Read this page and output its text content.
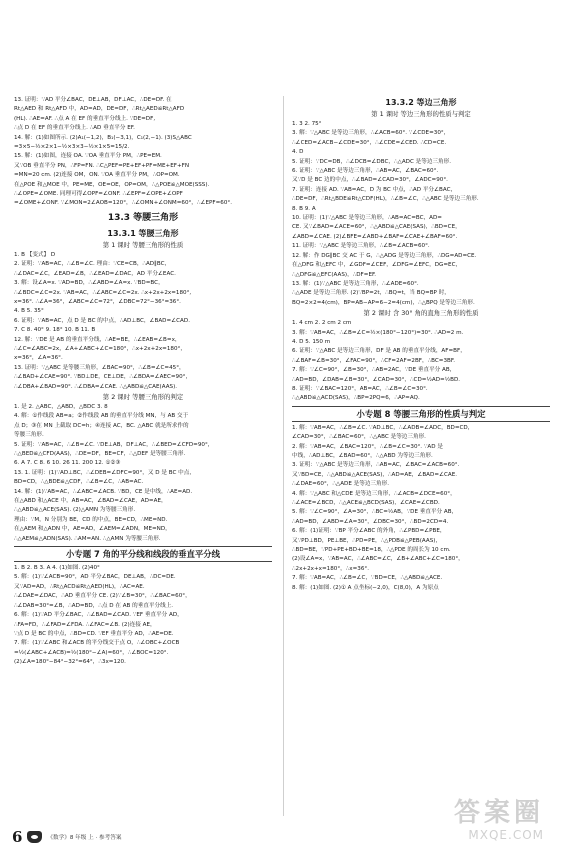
13. 证明：∵AD 平分∠BAC，DE⊥AB，DF⊥AC，∴DE=DF. 在
Rt△AED 和 Rt△AFD 中，AD=AD，DE=DF，∴Rt△AED≌Rt△AFD
(HL). ∴AE=AF. ∴点 A 在 EF 的垂直平分线上. ∵DE=DF,
∴点 D 在 EF 的垂直平分线上. ∴AD 垂直平分 EF.
14. 解：(1)如图所示. (2)A₁(−1,2)，B₁(−3,1)，C₁(2,−1). (3)S△ABC
=3×5−½×2×1−½×3×3−½×1×5=15/2.
15. 解：(1)如图，连接 OA. ∵OA 垂直平分 PM，∴PE=EM.
又∵OB 垂直平分 PN，∴FP=FN. ∴C△PEF=PE+EF+PF=ME+EF+FN
=MN=20 cm. (2)连接 OM，ON. ∵OA 垂直平分 PM，∴OP=OM.
在△POE 和△MOE 中，PE=ME，OE=OE，OP=OM，∴△POE≌△MOE(SSS).
∴∠OPE=∠OME. 同理可得∠OPF=∠ONF. ∴∠EPF=∠OPE+∠OPF
=∠OME+∠ONF. ∵∠MON=2∠AOB=120°，∴∠OMN+∠ONM=60°，∴∠EPF=60°.
13.3 等腰三角形
13.3.1 等腰三角形
第 1 课时 等腰三角形的性质
1. B 【变式】 D
2. 证明：∵AB=AC，∴∠B=∠C. 理由：∵CE=CB，∴AD∥BC，
∴∠DAC=∠C，∠EAD=∠B，∴∠EAD=∠DAC，AD 平分∠EAC.
3. 解：设∠A=x. ∵AD=BD，∴∠ABD=∠A=x. ∵BD=BC，
∴∠BDC=∠C=2x. ∵AB=AC，∴∠ABC=∠C=2x. ∴x+2x+2x=180°,
x=36°. ∴∠A=36°，∠ABC=∠C=72°，∠DBC=72°−36°=36°.
4. B 5. 35°
6. 证明：∵AB=AC，点 D 是 BC 的中点，∴AD⊥BC，∠BAD=∠CAD.
7. C 8. 40° 9. 18° 10. B 11. B
12. 解：∵DE 是 AB 的垂直平分线，∴AE=BE，∴∠EAB=∠B=x，
∴∠C=∠ABC=2x，∠A+∠ABC+∠C=180°，∴x+2x+2x=180°，
x=36°，∠A=36°.
13. 证明：∵△ABC 是等腰三角形，∠BAC=90°，∴∠B=∠C=45°，
∴∠BAD+∠CAE=90°. ∵BD⊥DE，CE⊥DE，∴∠BDA=∠AEC=90°，
∴∠DBA+∠BAD=90°. ∴∠DBA=∠CAE. ∴△ABD≌△CAE(AAS).
第 2 课时 等腰三角形的判定
1. 是 2. △ABC，△ABD，△BDC 3. 8
4. 解：①作线段 AB=a；②作线段 AB 的垂直平分线 MN，与 AB 交于
点 D；③在 MN 上截取 DC=h；④连接 AC，BC. △ABC 就是所求作的
等腰三角形.
5. 证明：∵AB=AC，∴∠B=∠C. ∵DE⊥AB，DF⊥AC，∴∠BED=∠CFD=90°，
∴△BED≌△CFD(AAS)，∴DE=DF，BE=CF，∴△DEF 是等腰三角形.
6. A 7. C 8. 6 10. 26 11. 200 12. ①②③
13. 1. 证明：(1)∵AD⊥BC，∴∠DEB=∠DFC=90°，又 D 是 BC 中点，
BD=CD，∴△BDE≌△CDF，∴∠B=∠C，∴AB=AC.
14. 解：(1)∵AB=AC，∴∠ABC=∠ACB. ∵BD，CE 是中线，∴AE=AD.
在△ABD 和△ACE 中，AB=AC，∠BAD=∠CAE，AD=AE，
∴△ABD≌△ACE(SAS). (2)△AMN 为等腰三角形.
理由：∵M，N 分别为 BE，CD 的中点，BE=CD，∴ME=ND.
在△AEM 和△ADN 中，AE=AD，∠AEM=∠ADN，ME=ND，
∴△AEM≌△ADN(SAS). ∴AM=AN. ∴△AMN 为等腰三角形.
小专题 7 角的平分线和线段的垂直平分线
1. B 2. B 3. A 4. (1)如图. (2)40°
5. 解：(1)∵∠ACB=90°，AD 平分∠BAC，DE⊥AB，∴DC=DE.
又∵AD=AD，∴Rt△ACD≌Rt△AED(HL)，∴AC=AE.
∴∠DAE=∠DAC，∴AD 垂直平分 CE. (2)∵∠B=30°，∴∠BAC=60°，
∴∠DAB=30°=∠B，∴AD=BD，∴点 D 在 AB 的垂直平分线上.
6. 解：(1)∵AD 平分∠BAC，∴∠BAD=∠CAD. ∵EF 垂直平分 AD，
∴FA=FD，∴∠FAD=∠FDA. ∴∠FAC=∠B. (2)连接 AE，
∵点 D 是 BC 的中点，∴BD=CD. ∵EF 垂直平分 AD，∴AE=DE.
7. 解：(1)∵∠ABC 和∠ACB 的平分线交于点 O，∴∠OBC+∠OCB
=½(∠ABC+∠ACB)=½(180°−∠A)=60°，∴∠BOC=120°.
(2)∠A=180°−84°−32°=64°，∴3x=120.
13.3.2 等边三角形
第 1 课时 等边三角形的性质与判定
1. 3 2. 75°
3. 解：∵△ABC 是等边三角形，∴∠ACB=60°. ∵∠CDE=30°，
∴∠CED=∠ACB−∠CDE=30°，∴∠CDE=∠CED. ∴CD=CE.
4. D
5. 证明：∵DC=DB，∴∠DCB=∠DBC，∴△ADC 是等边三角形.
6. 证明：∵△ABC 是等边三角形，∴AB=AC，∠BAC=60°.
又∵D 是 BC 边的中点，∴∠BAD=∠CAD=30°，∠ADC=90°.
7. 证明：连接 AD. ∵AB=AC，D 为 BC 中点，∴AD 平分∠BAC，
∴DE=DF，∴Rt△BDE≌Rt△CDF(HL)，∴∠B=∠C，∴△ABC 是等边三角形.
8. B 9. A
10. 证明：(1)∵△ABC 是等边三角形，∴AB=AC=BC，AD=
CE. 又∵∠BAD=∠ACE=60°，∴△ABD≌△CAE(SAS)，∴BD=CE，
∠ABD=∠CAE. (2)∠BFE=∠ABD+∠BAF=∠CAE+∠BAF=60°.
11. 证明：∵△ABC 是等边三角形，∴∠B=∠ACB=60°.
12. 解：作 DG∥BC 交 AC 于 G，∴△ADG 是等边三角形，∴DG=AD=CE.
在△DFG 和△EFC 中，∠GDF=∠CEF，∠DFG=∠EFC，DG=EC，
∴△DFG≌△EFC(AAS)，∴DF=EF.
13. 解：(1)∵△ABC 是等边三角形，∴∠ADE=60°.
∴△ADE 是等边三角形. (2)∵BP=2t，∴BQ=t，当 BQ=BP 时，
BQ=2×2=4(cm)，BP=AB−AP=6−2=4(cm)，∴△BPQ 是等边三角形.
第 2 课时 含 30° 角的直角三角形的性质
1. 4 cm 2. 2 cm 2 cm
3. 解：∵AB=AC，∴∠B=∠C=½×(180°−120°)=30°. ∴AD=2 m.
4. D 5. 150 m
6. 证明：∵△ABC 是等边三角形，DF 是 AB 的垂直平分线，AF=BF，
∴∠BAF=∠B=30°，∠FAC=90°，∴CF=2AF=2BF，∴BC=3BF.
7. 解：∵∠C=90°，∠B=30°，∴AB=2AC，∵DE 垂直平分 AB，
∴AD=BD，∠DAB=∠B=30°，∠CAD=30°，∴CD=½AD=½BD.
8. 证明：∵∠BAC=120°，AB=AC，∴∠B=∠C=30°.
∴△ABD≌△ACD(SAS)，∴BP=2PQ=6，∴AP=AQ.
小专题 8 等腰三角形的性质与判定
1. 解：∵AB=AC，∴∠B=∠C. ∵AD⊥BC，∴∠ADB=∠ADC，BD=CD，
∠CAD=30°，∴∠BAC=60°，∴△ABC 是等边三角形.
2. 解：∵AB=AC，∠BAC=120°，∴∠B=∠C=30°. ∵AD 是
中线，∴AD⊥BC，∠BAD=60°，∴△ABD 为等边三角形.
3. 证明：∵△ABC 是等边三角形，∴AB=AC，∠BAC=∠ACB=60°.
又∵BD=CE，∴△ABD≌△ACE(SAS)，∴AD=AE，∠BAD=∠CAE.
∴∠DAE=60°，∴△ADE 是等边三角形.
4. 解：∵△ABC 和△CDE 是等边三角形，∴∠ACB=∠DCE=60°，
∴∠ACE=∠BCD，∴△ACE≌△BCD(SAS)，∠CAE=∠CBD.
5. 解：∵∠C=90°，∠A=30°，∴BC=½AB，∵DE 垂直平分 AB，
∴AD=BD，∠ABD=∠A=30°，∠DBC=30°，∴BD=2CD=4.
6. 解：(1)证明：∵BP 平分∠ABC 的外角，∴∠PBD=∠PBE，
又∵PD⊥BD，PE⊥BE，∴PD=PE，∴△PDB≌△PEB(AAS)，
∴BD=BE，∵PD+PE+BD+BE=18，∴△PDE 的周长为 10 cm.
(2)设∠A=x，∵AB=AC，∴∠ABC=∠C，∠B+∠ABC+∠C=180°，
∴2x+2x+x=180°，∴x=36°.
7. 解：∵AB=AC，∴∠B=∠C，∵BD=CE，∴△ABD≌△ACE.
8. 解：(1)如图. (2)① A 点坐标(−2,0)，C(8,0)，A 为原点
6	《数学》8 年级 上 · 参考答案
答案圈
MXQE.COM
